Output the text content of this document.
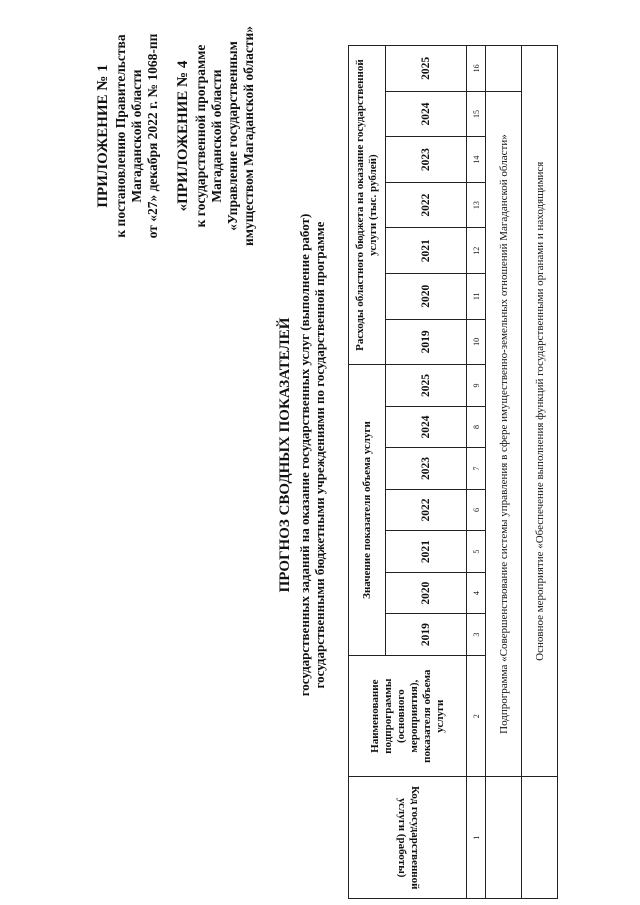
ПРИЛОЖЕНИЕ № 1 к постановлению Правительства Магаданской области от «27» декабря 2022 г. № 1068-пп «ПРИЛОЖЕНИЕ № 4 к государственной программе Магаданской области «Управление государственным имуществом Магаданской области»
ПРОГНОЗ СВОДНЫХ ПОКАЗАТЕЛЕЙ государственных заданий на оказание государственных услуг (выполнение работ) государственными бюджетными учреждениями по государственной программе
Код государственной услуги (работы)	Наименование подпрограммы (основного мероприятия), показателя объема услуги	Значение показателя объема услуги							Расходы областного бюджета на оказание государственной услуги (тыс. рублей)						
		2019	2020	2021	2022	2023	2024	2025	2019	2020	2021	2022	2023	2024	2025
1	2	3	4	5	6	7	8	9	10	11	12	13	14	15	16
	Подпрограмма «Совершенствование системы управления в сфере имущественно-земельных отношений Магаданской области»														
	Основное мероприятие «Обеспечение выполнения функций государственными органами и находящимися														
